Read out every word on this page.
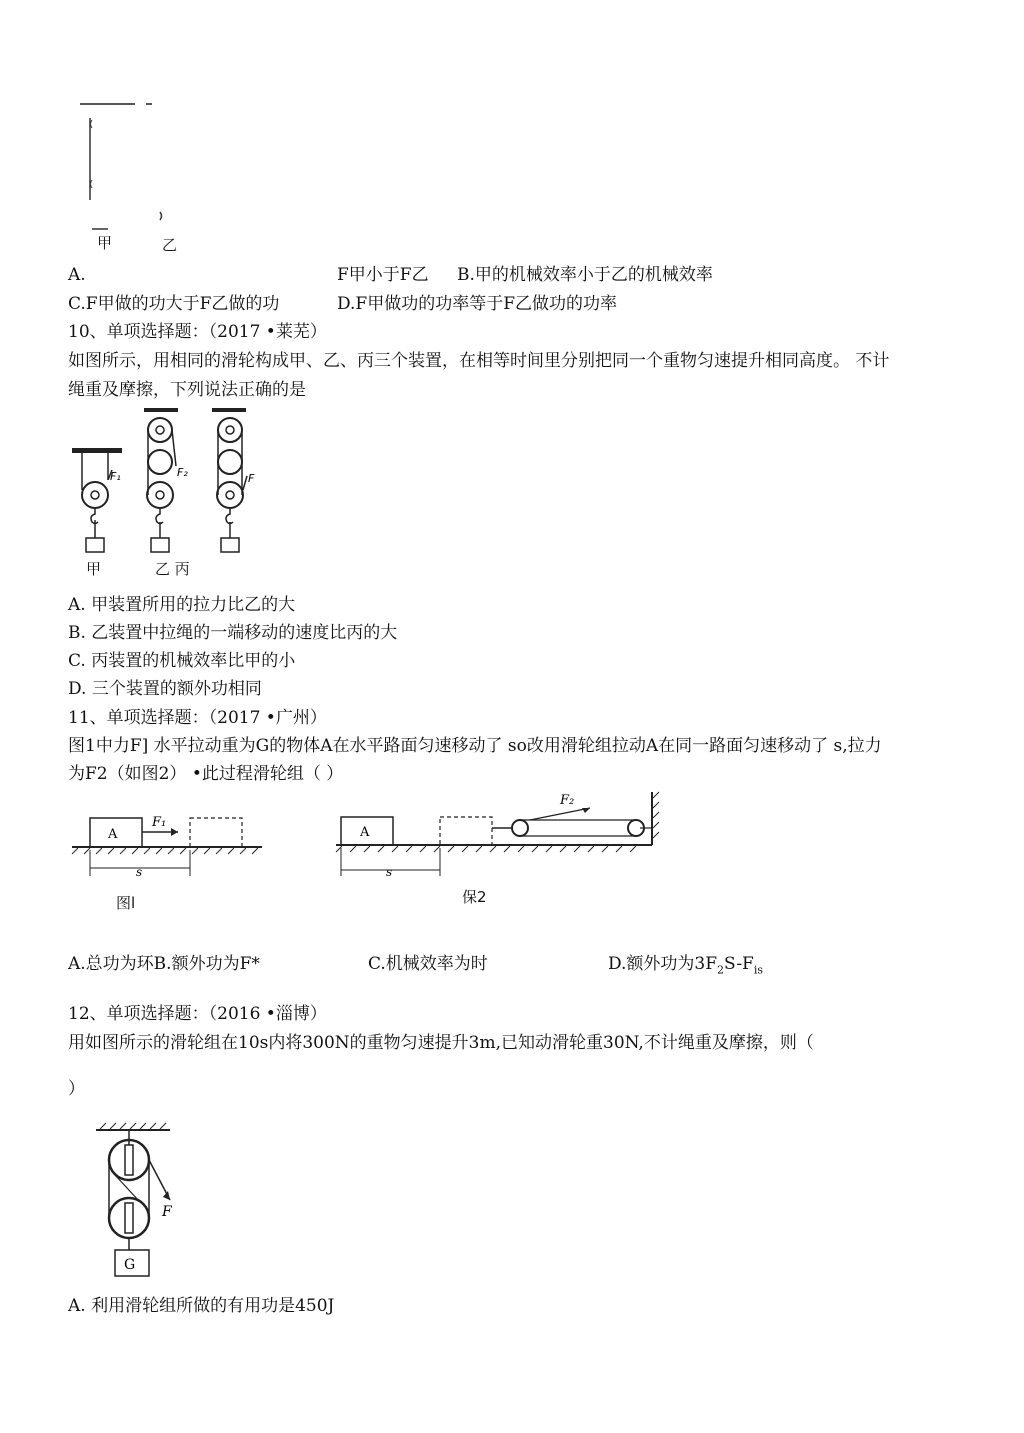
甲	乙
A.	F甲小于F乙 B.甲的机械效率小于乙的机械效率
C.F甲做的功大于F乙做的功	D.F甲做功的功率等于F乙做功的功率
10、单项选择题：（2017 •莱芜）
如图所示，用相同的滑轮构成甲、乙、丙三个装置，在相等时间里分别把同一个重物匀速提升相同高度。 不计
绳重及摩擦，下列说法正确的是
F₁	F₂	F
甲	乙 丙
A. 甲装置所用的拉力比乙的大
B. 乙装置中拉绳的一端移动的速度比丙的大
C. 丙装置的机械效率比甲的小
D. 三个装置的额外功相同
11、单项选择题：（2017 •广州）
图1中力F] 水平拉动重为G的物体A在水平路面匀速移动了 so改用滑轮组拉动A在同一路面匀速移动了 s,拉力
为F2（如图2） •此过程滑轮组（ ）
A
F₁
s
A
F₂
s
图l	保2
A.总功为环B.额外功为F*	C.机械效率为时	D.额外功为$3F_2S-F_{is}$
12、单项选择题：（2016 •淄博）
用如图所示的滑轮组在10s内将300N的重物匀速提升3m,已知动滑轮重30N,不计绳重及摩擦，则（
）
F
G
A. 利用滑轮组所做的有用功是450J
